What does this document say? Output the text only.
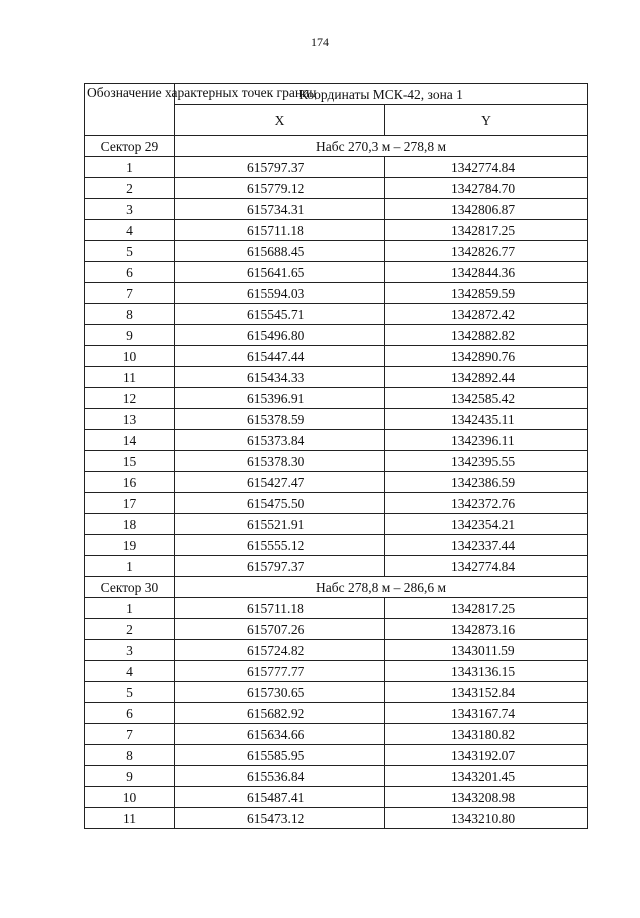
174
Обозначение характерных точек границ	Координаты МСК-42, зона 1	
	X	Y
Сектор 29	Набс 270,3 м – 278,8 м	
1	615797.37	1342774.84
2	615779.12	1342784.70
3	615734.31	1342806.87
4	615711.18	1342817.25
5	615688.45	1342826.77
6	615641.65	1342844.36
7	615594.03	1342859.59
8	615545.71	1342872.42
9	615496.80	1342882.82
10	615447.44	1342890.76
11	615434.33	1342892.44
12	615396.91	1342585.42
13	615378.59	1342435.11
14	615373.84	1342396.11
15	615378.30	1342395.55
16	615427.47	1342386.59
17	615475.50	1342372.76
18	615521.91	1342354.21
19	615555.12	1342337.44
1	615797.37	1342774.84
Сектор 30	Набс 278,8 м – 286,6 м	
1	615711.18	1342817.25
2	615707.26	1342873.16
3	615724.82	1343011.59
4	615777.77	1343136.15
5	615730.65	1343152.84
6	615682.92	1343167.74
7	615634.66	1343180.82
8	615585.95	1343192.07
9	615536.84	1343201.45
10	615487.41	1343208.98
11	615473.12	1343210.80
